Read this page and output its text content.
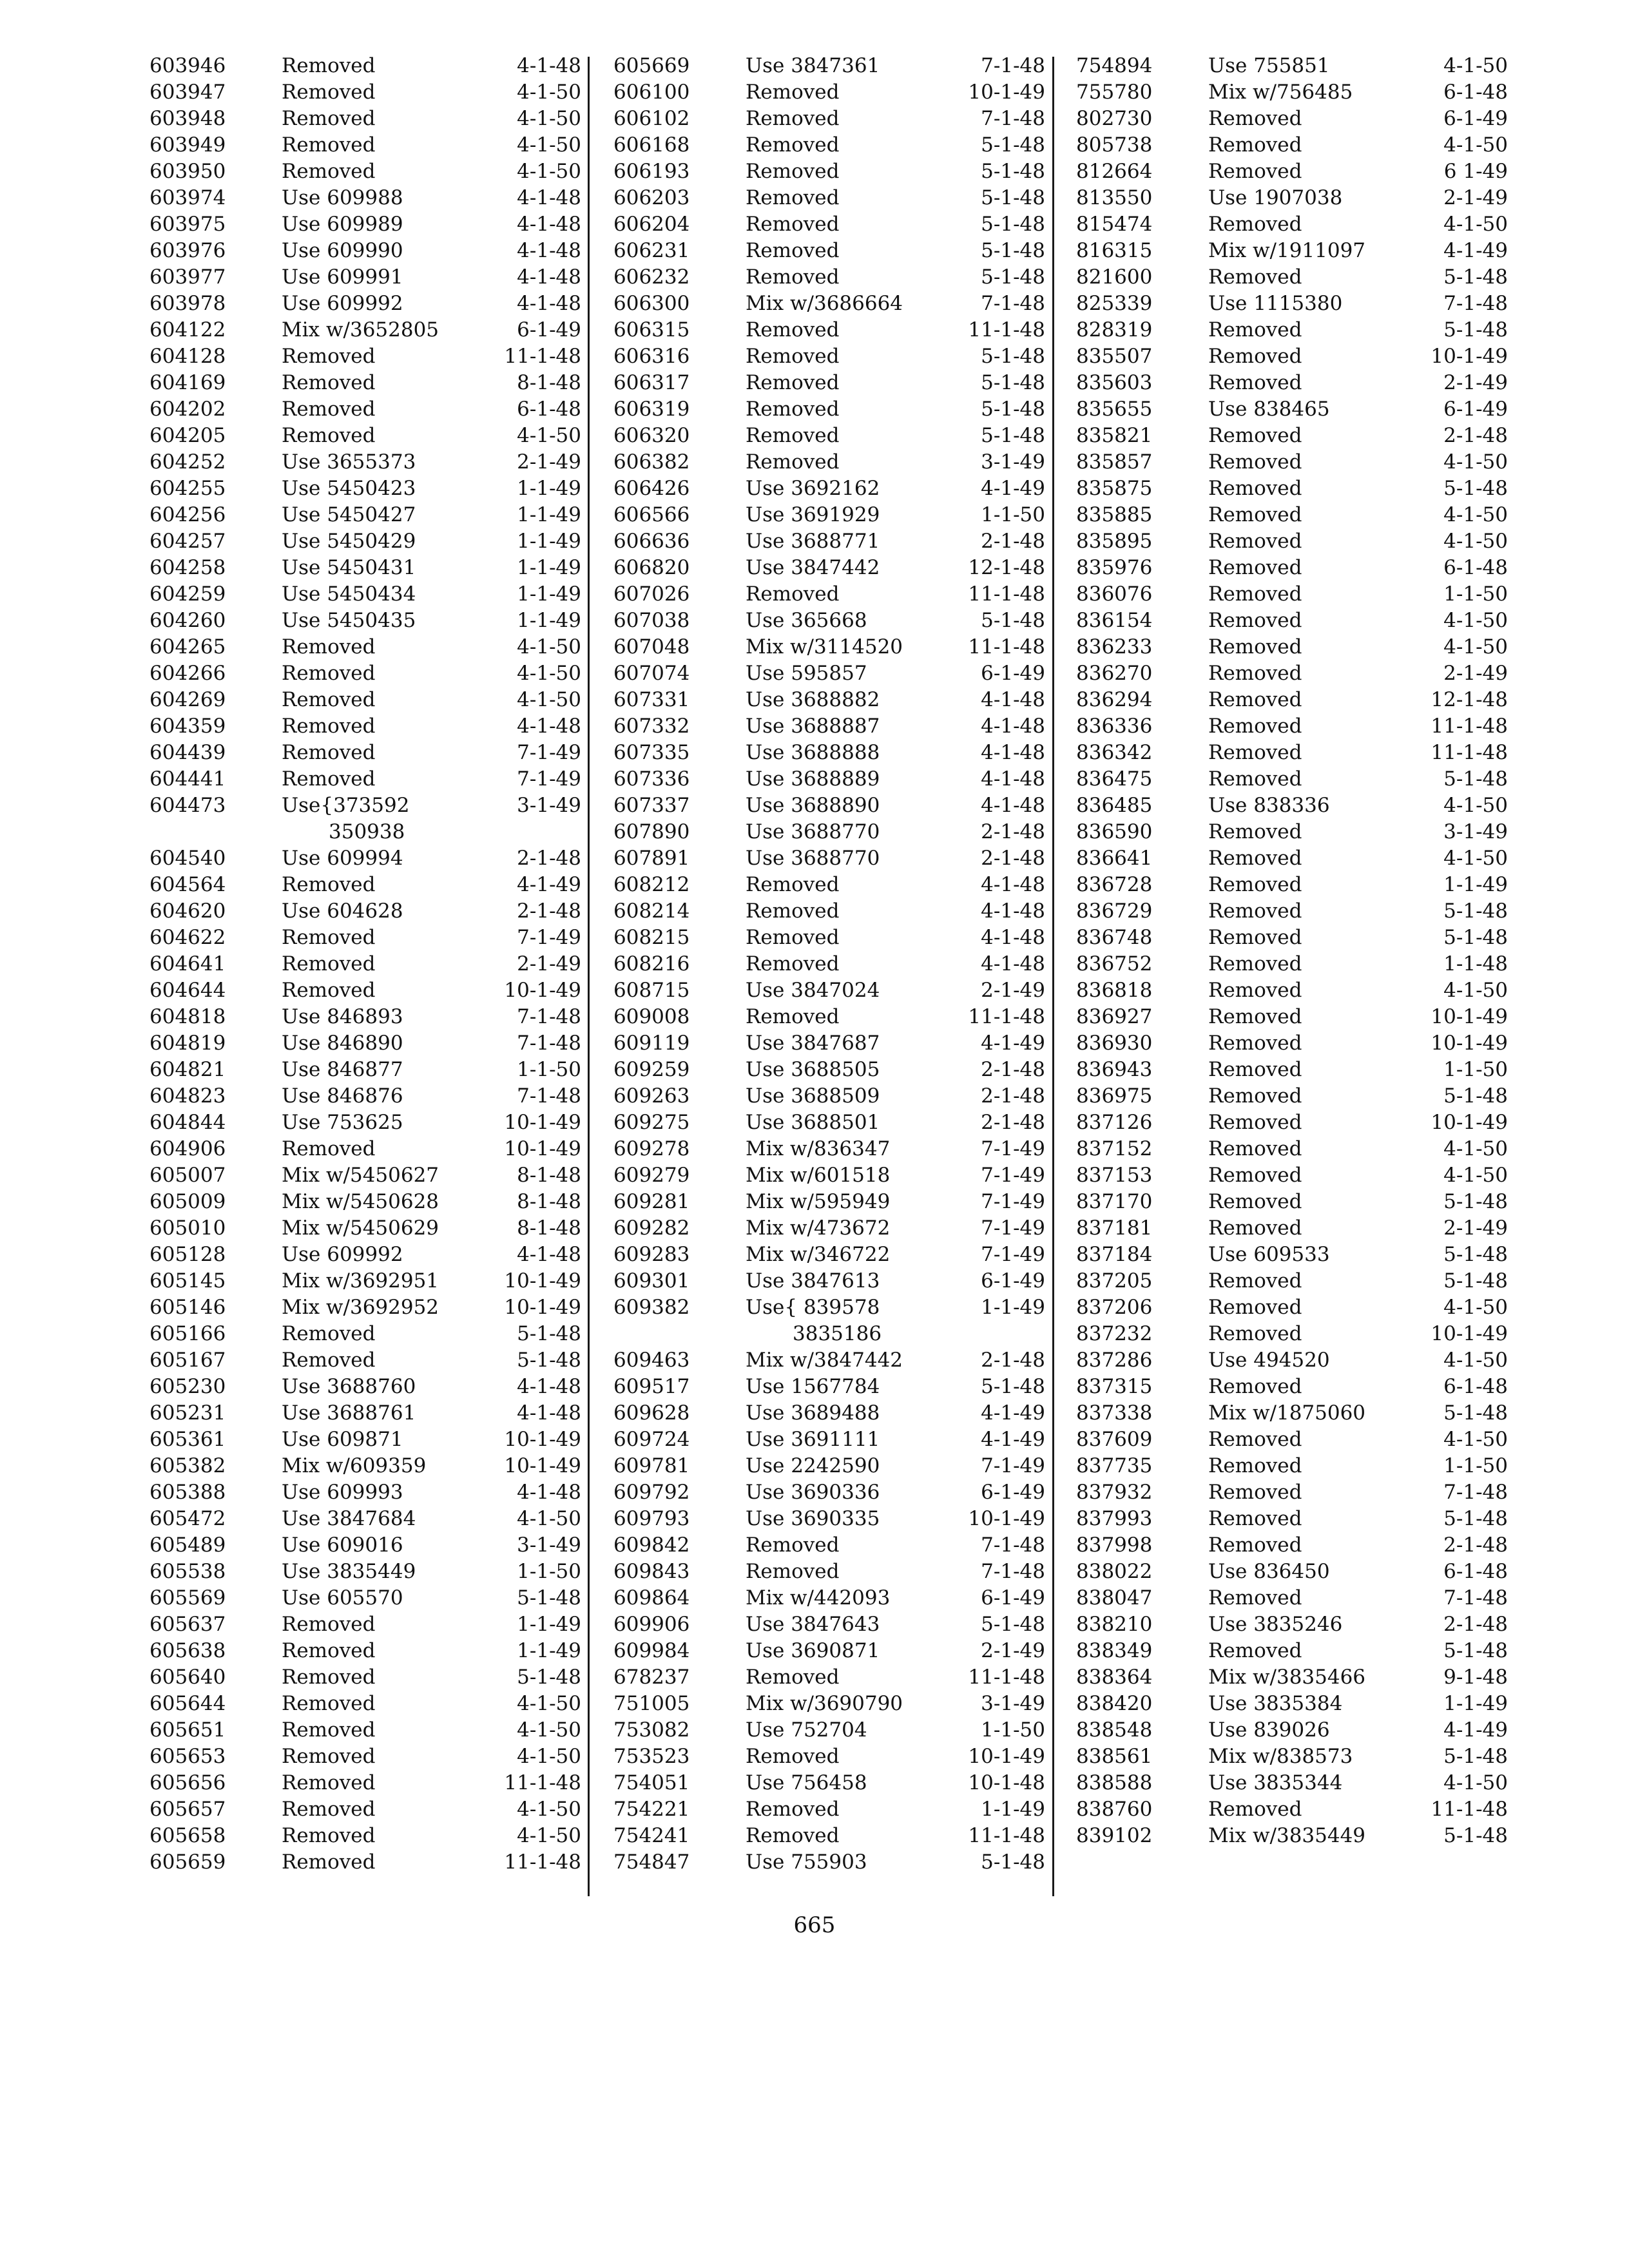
603946	Removed	4-1-48
603947	Removed	4-1-50
603948	Removed	4-1-50
603949	Removed	4-1-50
603950	Removed	4-1-50
603974	Use 609988	4-1-48
603975	Use 609989	4-1-48
603976	Use 609990	4-1-48
603977	Use 609991	4-1-48
603978	Use 609992	4-1-48
604122	Mix w/3652805	6-1-49
604128	Removed	11-1-48
604169	Removed	8-1-48
604202	Removed	6-1-48
604205	Removed	4-1-50
604252	Use 3655373	2-1-49
604255	Use 5450423	1-1-49
604256	Use 5450427	1-1-49
604257	Use 5450429	1-1-49
604258	Use 5450431	1-1-49
604259	Use 5450434	1-1-49
604260	Use 5450435	1-1-49
604265	Removed	4-1-50
604266	Removed	4-1-50
604269	Removed	4-1-50
604359	Removed	4-1-48
604439	Removed	7-1-49
604441	Removed	7-1-49
604473	Use{373592	3-1-49
350938
604540	Use 609994	2-1-48
604564	Removed	4-1-49
604620	Use 604628	2-1-48
604622	Removed	7-1-49
604641	Removed	2-1-49
604644	Removed	10-1-49
604818	Use 846893	7-1-48
604819	Use 846890	7-1-48
604821	Use 846877	1-1-50
604823	Use 846876	7-1-48
604844	Use 753625	10-1-49
604906	Removed	10-1-49
605007	Mix w/5450627	8-1-48
605009	Mix w/5450628	8-1-48
605010	Mix w/5450629	8-1-48
605128	Use 609992	4-1-48
605145	Mix w/3692951	10-1-49
605146	Mix w/3692952	10-1-49
605166	Removed	5-1-48
605167	Removed	5-1-48
605230	Use 3688760	4-1-48
605231	Use 3688761	4-1-48
605361	Use 609871	10-1-49
605382	Mix w/609359	10-1-49
605388	Use 609993	4-1-48
605472	Use 3847684	4-1-50
605489	Use 609016	3-1-49
605538	Use 3835449	1-1-50
605569	Use 605570	5-1-48
605637	Removed	1-1-49
605638	Removed	1-1-49
605640	Removed	5-1-48
605644	Removed	4-1-50
605651	Removed	4-1-50
605653	Removed	4-1-50
605656	Removed	11-1-48
605657	Removed	4-1-50
605658	Removed	4-1-50
605659	Removed	11-1-48
605669	Use 3847361	7-1-48
606100	Removed	10-1-49
606102	Removed	7-1-48
606168	Removed	5-1-48
606193	Removed	5-1-48
606203	Removed	5-1-48
606204	Removed	5-1-48
606231	Removed	5-1-48
606232	Removed	5-1-48
606300	Mix w/3686664	7-1-48
606315	Removed	11-1-48
606316	Removed	5-1-48
606317	Removed	5-1-48
606319	Removed	5-1-48
606320	Removed	5-1-48
606382	Removed	3-1-49
606426	Use 3692162	4-1-49
606566	Use 3691929	1-1-50
606636	Use 3688771	2-1-48
606820	Use 3847442	12-1-48
607026	Removed	11-1-48
607038	Use 365668	5-1-48
607048	Mix w/3114520	11-1-48
607074	Use 595857	6-1-49
607331	Use 3688882	4-1-48
607332	Use 3688887	4-1-48
607335	Use 3688888	4-1-48
607336	Use 3688889	4-1-48
607337	Use 3688890	4-1-48
607890	Use 3688770	2-1-48
607891	Use 3688770	2-1-48
608212	Removed	4-1-48
608214	Removed	4-1-48
608215	Removed	4-1-48
608216	Removed	4-1-48
608715	Use 3847024	2-1-49
609008	Removed	11-1-48
609119	Use 3847687	4-1-49
609259	Use 3688505	2-1-48
609263	Use 3688509	2-1-48
609275	Use 3688501	2-1-48
609278	Mix w/836347	7-1-49
609279	Mix w/601518	7-1-49
609281	Mix w/595949	7-1-49
609282	Mix w/473672	7-1-49
609283	Mix w/346722	7-1-49
609301	Use 3847613	6-1-49
609382	Use{ 839578	1-1-49
3835186
609463	Mix w/3847442	2-1-48
609517	Use 1567784	5-1-48
609628	Use 3689488	4-1-49
609724	Use 3691111	4-1-49
609781	Use 2242590	7-1-49
609792	Use 3690336	6-1-49
609793	Use 3690335	10-1-49
609842	Removed	7-1-48
609843	Removed	7-1-48
609864	Mix w/442093	6-1-49
609906	Use 3847643	5-1-48
609984	Use 3690871	2-1-49
678237	Removed	11-1-48
751005	Mix w/3690790	3-1-49
753082	Use 752704	1-1-50
753523	Removed	10-1-49
754051	Use 756458	10-1-48
754221	Removed	1-1-49
754241	Removed	11-1-48
754847	Use 755903	5-1-48
754894	Use 755851	4-1-50
755780	Mix w/756485	6-1-48
802730	Removed	6-1-49
805738	Removed	4-1-50
812664	Removed	6 1-49
813550	Use 1907038	2-1-49
815474	Removed	4-1-50
816315	Mix w/1911097	4-1-49
821600	Removed	5-1-48
825339	Use 1115380	7-1-48
828319	Removed	5-1-48
835507	Removed	10-1-49
835603	Removed	2-1-49
835655	Use 838465	6-1-49
835821	Removed	2-1-48
835857	Removed	4-1-50
835875	Removed	5-1-48
835885	Removed	4-1-50
835895	Removed	4-1-50
835976	Removed	6-1-48
836076	Removed	1-1-50
836154	Removed	4-1-50
836233	Removed	4-1-50
836270	Removed	2-1-49
836294	Removed	12-1-48
836336	Removed	11-1-48
836342	Removed	11-1-48
836475	Removed	5-1-48
836485	Use 838336	4-1-50
836590	Removed	3-1-49
836641	Removed	4-1-50
836728	Removed	1-1-49
836729	Removed	5-1-48
836748	Removed	5-1-48
836752	Removed	1-1-48
836818	Removed	4-1-50
836927	Removed	10-1-49
836930	Removed	10-1-49
836943	Removed	1-1-50
836975	Removed	5-1-48
837126	Removed	10-1-49
837152	Removed	4-1-50
837153	Removed	4-1-50
837170	Removed	5-1-48
837181	Removed	2-1-49
837184	Use 609533	5-1-48
837205	Removed	5-1-48
837206	Removed	4-1-50
837232	Removed	10-1-49
837286	Use 494520	4-1-50
837315	Removed	6-1-48
837338	Mix w/1875060	5-1-48
837609	Removed	4-1-50
837735	Removed	1-1-50
837932	Removed	7-1-48
837993	Removed	5-1-48
837998	Removed	2-1-48
838022	Use 836450	6-1-48
838047	Removed	7-1-48
838210	Use 3835246	2-1-48
838349	Removed	5-1-48
838364	Mix w/3835466	9-1-48
838420	Use 3835384	1-1-49
838548	Use 839026	4-1-49
838561	Mix w/838573	5-1-48
838588	Use 3835344	4-1-50
838760	Removed	11-1-48
839102	Mix w/3835449	5-1-48
665
